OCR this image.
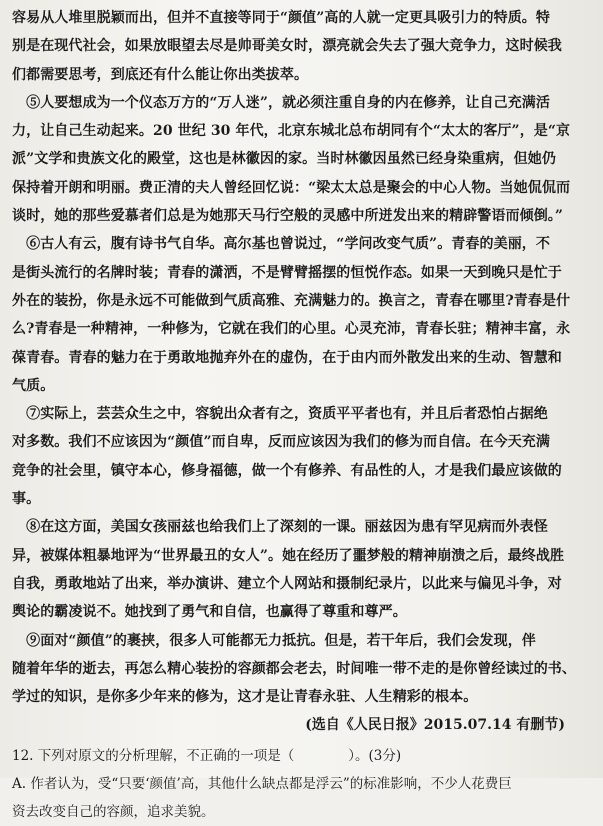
容易从人堆里脱颖而出，但并不直接等同于“颜值”高的人就一定更具吸引力的特质。特
别是在现代社会，如果放眼望去尽是帅哥美女时，漂亮就会失去了强大竞争力，这时候我
们都需要思考，到底还有什么能让你出类拔萃。
　⑤人要想成为一个仪态万方的“万人迷”，就必须注重自身的内在修养，让自己充满活
力，让自己生动起来。20 世纪 30 年代，北京东城北总布胡同有个“太太的客厅”，是“京
派”文学和贵族文化的殿堂，这也是林徽因的家。当时林徽因虽然已经身染重病，但她仍
保持着开朗和明丽。费正清的夫人曾经回忆说：“梁太太总是聚会的中心人物。当她侃侃而
谈时，她的那些爱慕者们总是为她那天马行空般的灵感中所迸发出来的精辟警语而倾倒。”
　⑥古人有云，腹有诗书气自华。高尔基也曾说过，“学问改变气质”。青春的美丽，不
是街头流行的名牌时装；青春的潇洒，不是臂臂摇摆的恒悦作态。如果一天到晚只是忙于
外在的装扮，你是永远不可能做到气质高雅、充满魅力的。换言之，青春在哪里?青春是什
么?青春是一种精神，一种修为，它就在我们的心里。心灵充沛，青春长驻；精神丰富，永
葆青春。青春的魅力在于勇敢地抛弃外在的虚伪，在于由内而外散发出来的生动、智慧和
气质。
　⑦实际上，芸芸众生之中，容貌出众者有之，资质平平者也有，并且后者恐怕占据绝
对多数。我们不应该因为“颜值”而自卑，反而应该因为我们的修为而自信。在今天充满
竞争的社会里，镇守本心，修身福德，做一个有修养、有品性的人，才是我们最应该做的
事。
　⑧在这方面，美国女孩丽兹也给我们上了深刻的一课。丽兹因为患有罕见病而外表怪
异，被媒体粗暴地评为“世界最丑的女人”。她在经历了噩梦般的精神崩溃之后，最终战胜
自我，勇敢地站了出来，举办演讲、建立个人网站和摄制纪录片，以此来与偏见斗争，对
舆论的霸凌说不。她找到了勇气和自信，也赢得了尊重和尊严。
　⑨面对“颜值”的裹挟，很多人可能都无力抵抗。但是，若干年后，我们会发现，伴
随着年华的逝去，再怎么精心装扮的容颜都会老去，时间唯一带不走的是你曾经读过的书、
学过的知识，是你多少年来的修为，这才是让青春永驻、人生精彩的根本。
(选自《人民日报》2015.07.14 有删节)
12. 下列对原文的分析理解，不正确的一项是（　　　　）。(3分)
A. 作者认为，受“只要‘颜值’高，其他什么缺点都是浮云”的标准影响，不少人花费巨
资去改变自己的容颜，追求美貌。
